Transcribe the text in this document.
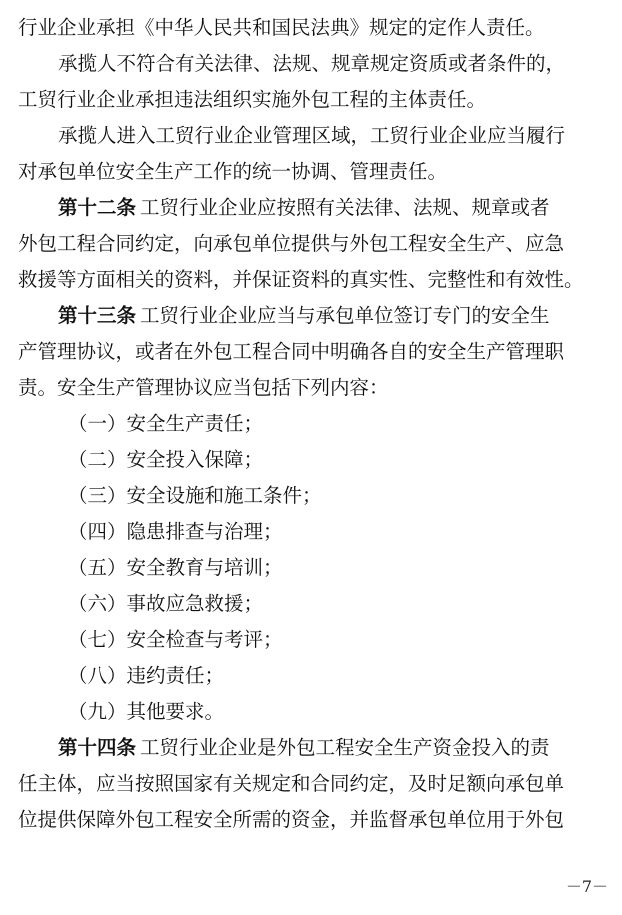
行业企业承担《中华人民共和国民法典》规定的定作人责任。
承揽人不符合有关法律、法规、规章规定资质或者条件的，
工贸行业企业承担违法组织实施外包工程的主体责任。
承揽人进入工贸行业企业管理区域，工贸行业企业应当履行
对承包单位安全生产工作的统一协调、管理责任。
第十二条 工贸行业企业应按照有关法律、法规、规章或者
外包工程合同约定，向承包单位提供与外包工程安全生产、应急
救援等方面相关的资料，并保证资料的真实性、完整性和有效性。
第十三条 工贸行业企业应当与承包单位签订专门的安全生
产管理协议，或者在外包工程合同中明确各自的安全生产管理职
责。安全生产管理协议应当包括下列内容：
（一）安全生产责任；
（二）安全投入保障；
（三）安全设施和施工条件；
（四）隐患排查与治理；
（五）安全教育与培训；
（六）事故应急救援；
（七）安全检查与考评；
（八）违约责任；
（九）其他要求。
第十四条 工贸行业企业是外包工程安全生产资金投入的责
任主体，应当按照国家有关规定和合同约定，及时足额向承包单
位提供保障外包工程安全所需的资金，并监督承包单位用于外包
－7－
